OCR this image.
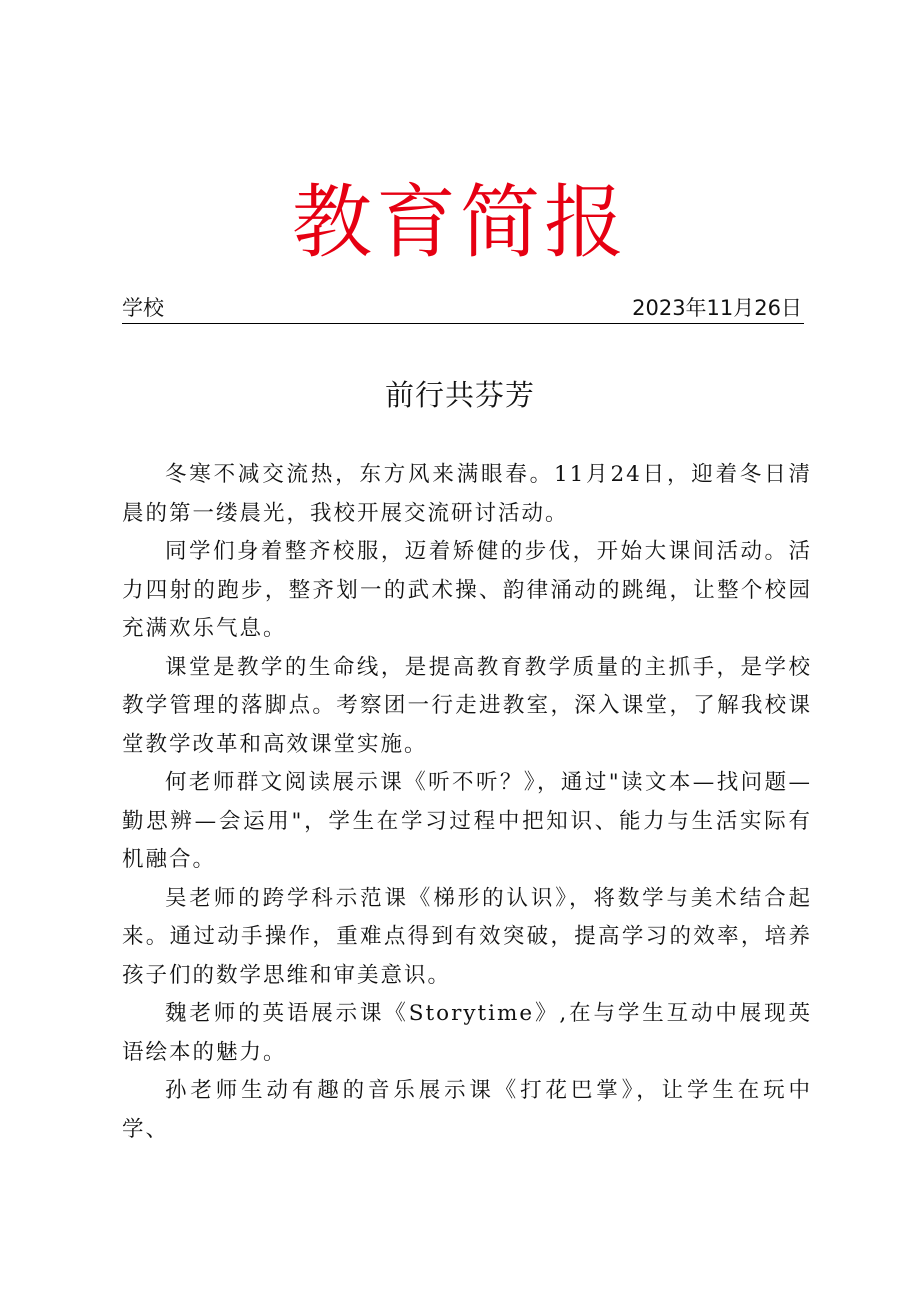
教育简报
学校	2023年11月26日
前行共芬芳

冬寒不减交流热，东方风来满眼春。11月24日，迎着冬日清晨的第一缕晨光，我校开展交流研讨活动。

同学们身着整齐校服，迈着矫健的步伐，开始大课间活动。活力四射的跑步，整齐划一的武术操、韵律涌动的跳绳，让整个校园充满欢乐气息。

课堂是教学的生命线，是提高教育教学质量的主抓手，是学校教学管理的落脚点。考察团一行走进教室，深入课堂，了解我校课堂教学改革和高效课堂实施。

何老师群文阅读展示课《听不听？》，通过"读文本—找问题—勤思辨—会运用"，学生在学习过程中把知识、能力与生活实际有机融合。

吴老师的跨学科示范课《梯形的认识》，将数学与美术结合起来。通过动手操作，重难点得到有效突破，提高学习的效率，培养孩子们的数学思维和审美意识。

魏老师的英语展示课《Storytime》,在与学生互动中展现英语绘本的魅力。

孙老师生动有趣的音乐展示课《打花巴掌》，让学生在玩中学、
